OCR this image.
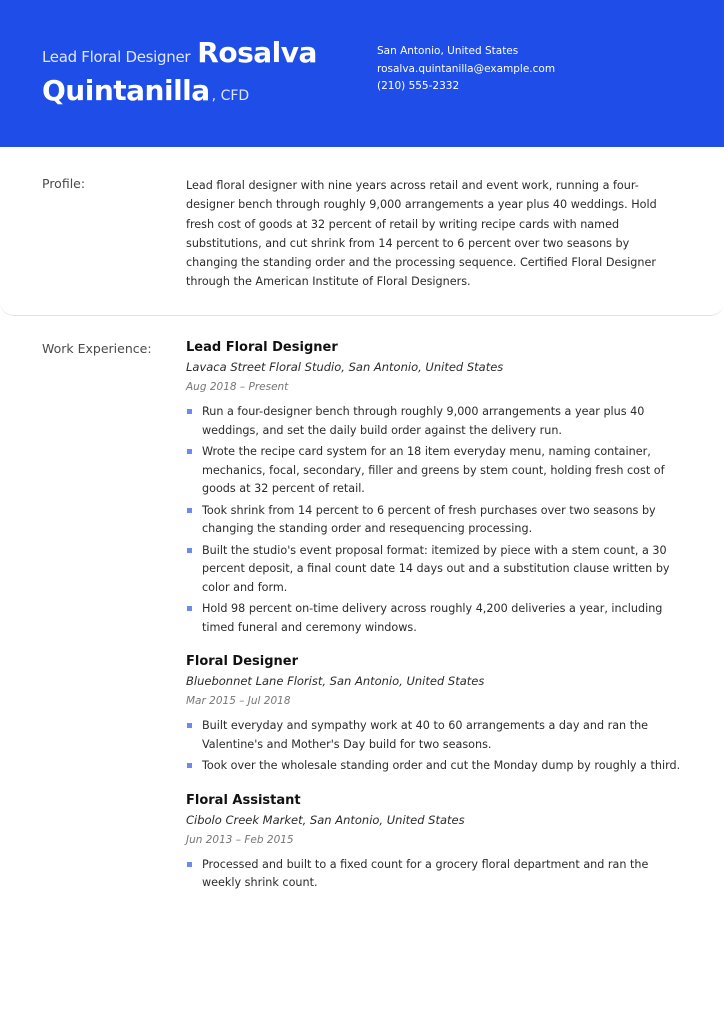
Lead Floral Designer Rosalva
Quintanilla , CFD
San Antonio, United States
rosalva.quintanilla@example.com
(210) 555-2332
Profile:	Lead floral designer with nine years across retail and event work, running a four-designer bench through roughly 9,000 arrangements a year plus 40 weddings. Hold fresh cost of goods at 32 percent of retail by writing recipe cards with named substitutions, and cut shrink from 14 percent to 6 percent over two seasons by changing the standing order and the processing sequence. Certified Floral Designer through the American Institute of Floral Designers.
Work Experience:	Lead Floral Designer
Lavaca Street Floral Studio, San Antonio, United States
Aug 2018 – Present
Run a four-designer bench through roughly 9,000 arrangements a year plus 40 weddings, and set the daily build order against the delivery run.
Wrote the recipe card system for an 18 item everyday menu, naming container, mechanics, focal, secondary, filler and greens by stem count, holding fresh cost of goods at 32 percent of retail.
Took shrink from 14 percent to 6 percent of fresh purchases over two seasons by changing the standing order and resequencing processing.
Built the studio's event proposal format: itemized by piece with a stem count, a 30 percent deposit, a final count date 14 days out and a substitution clause written by color and form.
Hold 98 percent on-time delivery across roughly 4,200 deliveries a year, including timed funeral and ceremony windows.
Floral Designer
Bluebonnet Lane Florist, San Antonio, United States
Mar 2015 – Jul 2018
Built everyday and sympathy work at 40 to 60 arrangements a day and ran the Valentine's and Mother's Day build for two seasons.
Took over the wholesale standing order and cut the Monday dump by roughly a third.
Floral Assistant
Cibolo Creek Market, San Antonio, United States
Jun 2013 – Feb 2015
Processed and built to a fixed count for a grocery floral department and ran the weekly shrink count.
